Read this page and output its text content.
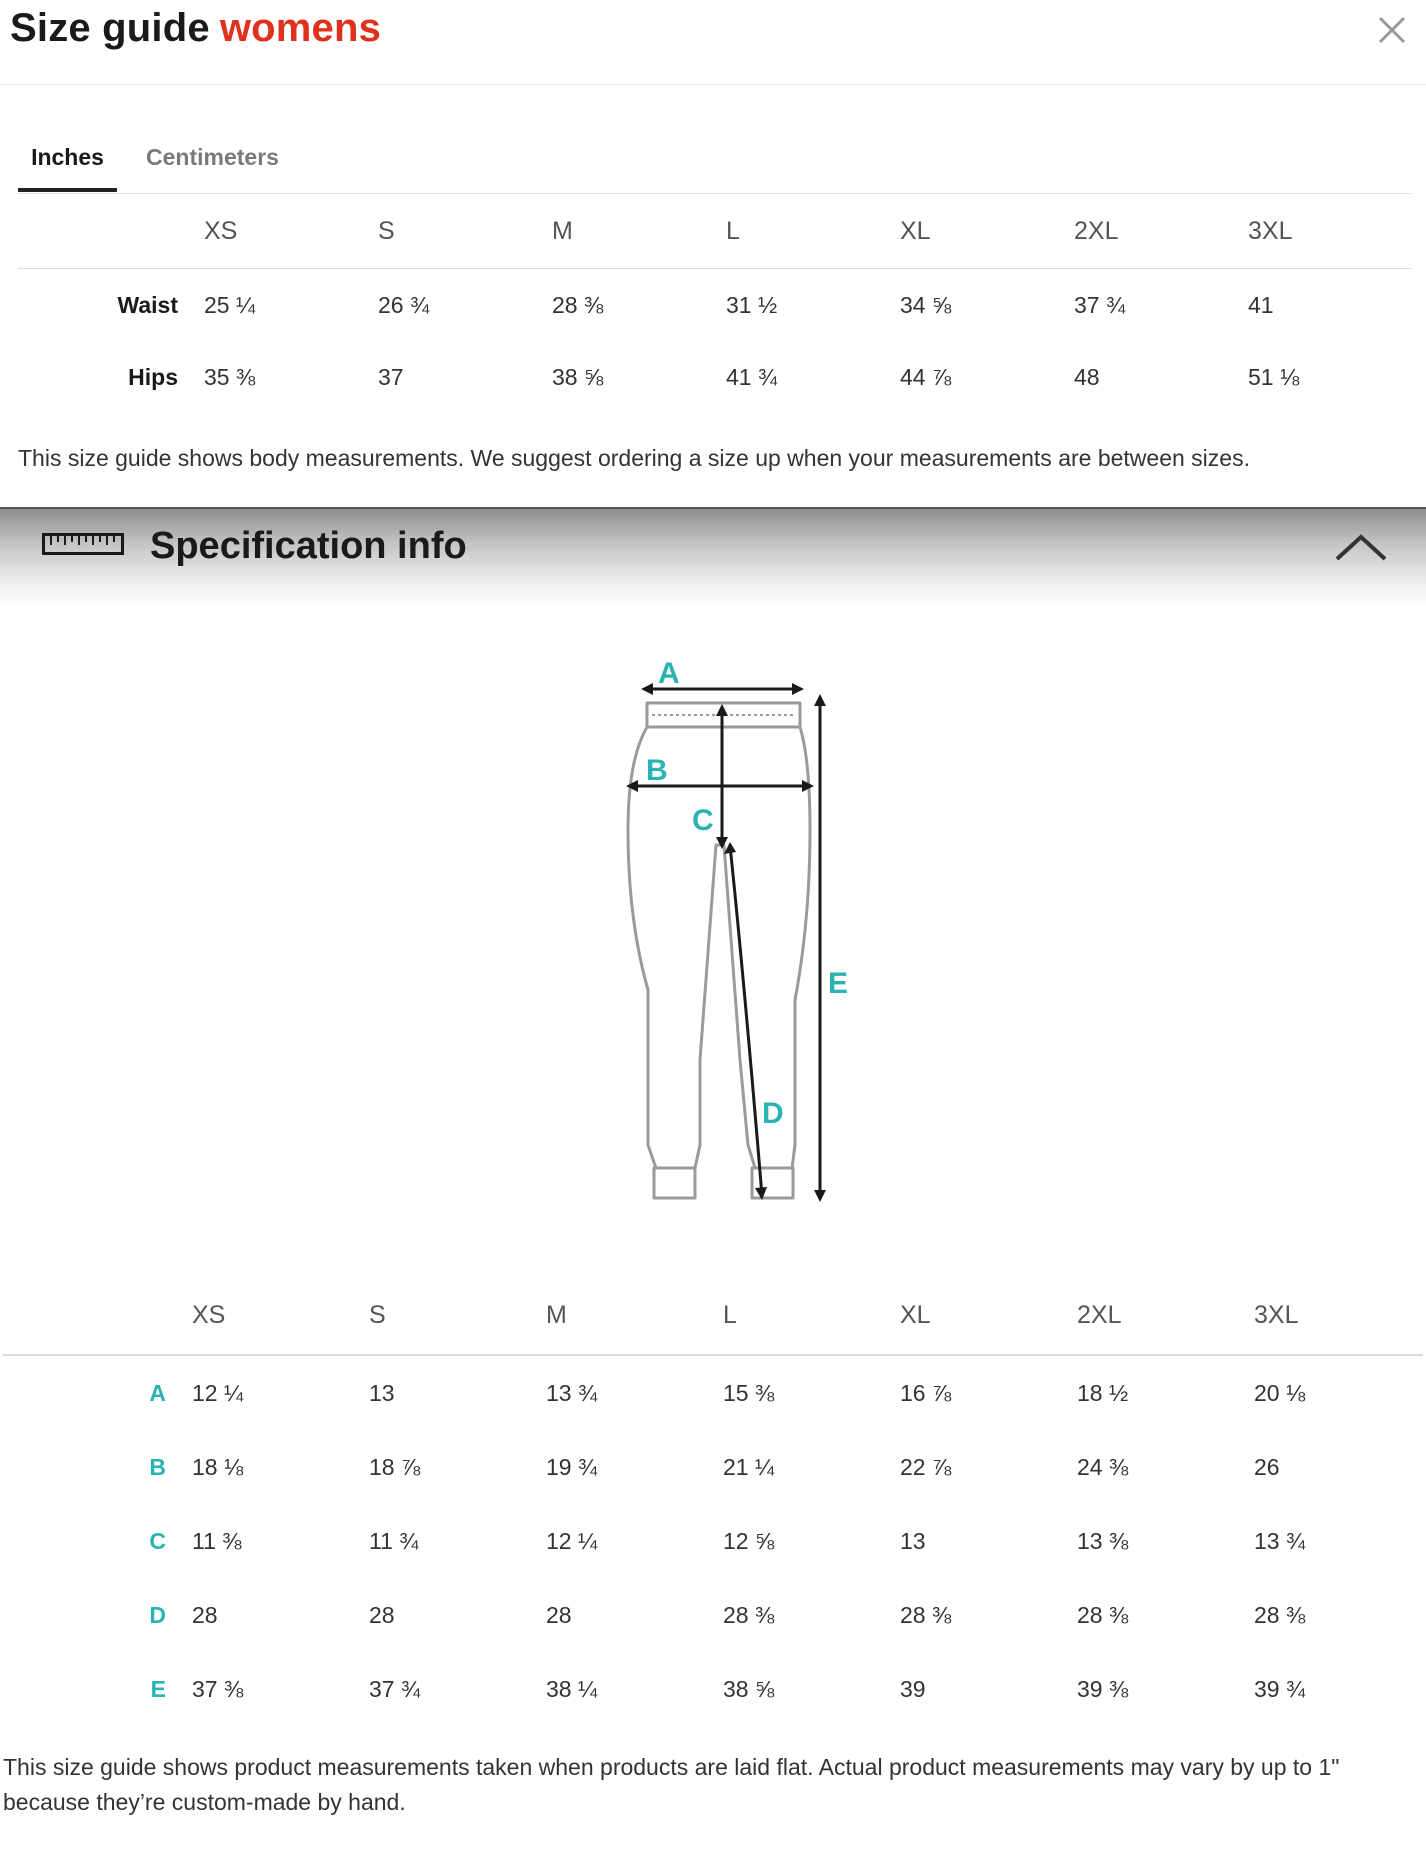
Size guide womens
Inches	Centimeters
	XS	S	M	L	XL	2XL	3XL
Waist	25 ¼	26 ¾	28 ⅜	31 ½	34 ⅝	37 ¾	41
Hips	35 ⅜	37	38 ⅝	41 ¾	44 ⅞	48	51 ⅛
This size guide shows body measurements. We suggest ordering a size up when your measurements are between sizes.
Specification info
A
B
C
D
E
	XS	S	M	L	XL	2XL	3XL
A	12 ¼	13	13 ¾	15 ⅜	16 ⅞	18 ½	20 ⅛
B	18 ⅛	18 ⅞	19 ¾	21 ¼	22 ⅞	24 ⅜	26
C	11 ⅜	11 ¾	12 ¼	12 ⅝	13	13 ⅜	13 ¾
D	28	28	28	28 ⅜	28 ⅜	28 ⅜	28 ⅜
E	37 ⅜	37 ¾	38 ¼	38 ⅝	39	39 ⅜	39 ¾
This size guide shows product measurements taken when products are laid flat. Actual product measurements may vary by up to 1" because they’re custom-made by hand.
